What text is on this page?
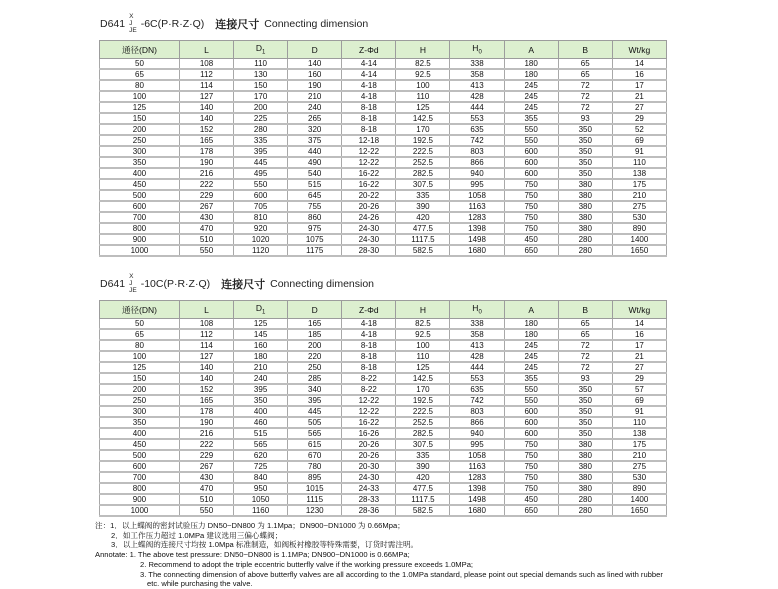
D641
X
J
JE
-6C(P·R·Z·Q) 连接尺寸 Connecting dimension
通径(DN)	L	$D_1$	D	Z-Φd	H	$H_0$	A	B	Wt/kg
50	108	110	140	4-14	82.5	338	180	65	14
65	112	130	160	4-14	92.5	358	180	65	16
80	114	150	190	4-18	100	413	245	72	17
100	127	170	210	4-18	110	428	245	72	21
125	140	200	240	8-18	125	444	245	72	27
150	140	225	265	8-18	142.5	553	355	93	29
200	152	280	320	8-18	170	635	550	350	52
250	165	335	375	12-18	192.5	742	550	350	69
300	178	395	440	12-22	222.5	803	600	350	91
350	190	445	490	12-22	252.5	866	600	350	110
400	216	495	540	16-22	282.5	940	600	350	138
450	222	550	515	16-22	307.5	995	750	380	175
500	229	600	645	20-22	335	1058	750	380	210
600	267	705	755	20-26	390	1163	750	380	275
700	430	810	860	24-26	420	1283	750	380	530
800	470	920	975	24-30	477.5	1398	750	380	890
900	510	1020	1075	24-30	1117.5	1498	450	280	1400
1000	550	1120	1175	28-30	582.5	1680	650	280	1650
D641
X
J
JE
-10C(P·R·Z·Q) 连接尺寸 Connecting dimension
通径(DN)	L	$D_1$	D	Z-Φd	H	$H_0$	A	B	Wt/kg
50	108	125	165	4-18	82.5	338	180	65	14
65	112	145	185	4-18	92.5	358	180	65	16
80	114	160	200	8-18	100	413	245	72	17
100	127	180	220	8-18	110	428	245	72	21
125	140	210	250	8-18	125	444	245	72	27
150	140	240	285	8-22	142.5	553	355	93	29
200	152	395	340	8-22	170	635	550	350	57
250	165	350	395	12-22	192.5	742	550	350	69
300	178	400	445	12-22	222.5	803	600	350	91
350	190	460	505	16-22	252.5	866	600	350	110
400	216	515	565	16-26	282.5	940	600	350	138
450	222	565	615	20-26	307.5	995	750	380	175
500	229	620	670	20-26	335	1058	750	380	210
600	267	725	780	20-30	390	1163	750	380	275
700	430	840	895	24-30	420	1283	750	380	530
800	470	950	1015	24-33	477.5	1398	750	380	890
900	510	1050	1115	28-33	1117.5	1498	450	280	1400
1000	550	1160	1230	28-36	582.5	1680	650	280	1650
注：1．以上蝶阀的密封试验压力 DN50~DN800 为 1.1Mpa；DN900~DN1000 为 0.66Mpa；
2．如工作压力超过 1.0MPa 建议选用三偏心蝶阀；
3．以上蝶阀的连接尺寸均按 1.0Mpa 标准制造，如阀板衬橡胶等特殊需要，订货时需注明。
Annotate: 1. The above test pressure: DN50~DN800 is 1.1MPa; DN900~DN1000 is 0.66MPa;
2. Recommend to adopt the triple eccentric butterfly valve if the working pressure exceeds 1.0MPa;
3. The connecting dimension of above butterfly valves are all according to the 1.0MPa standard, please point out special demands such as lined with rubber
etc. while purchasing the valve.
